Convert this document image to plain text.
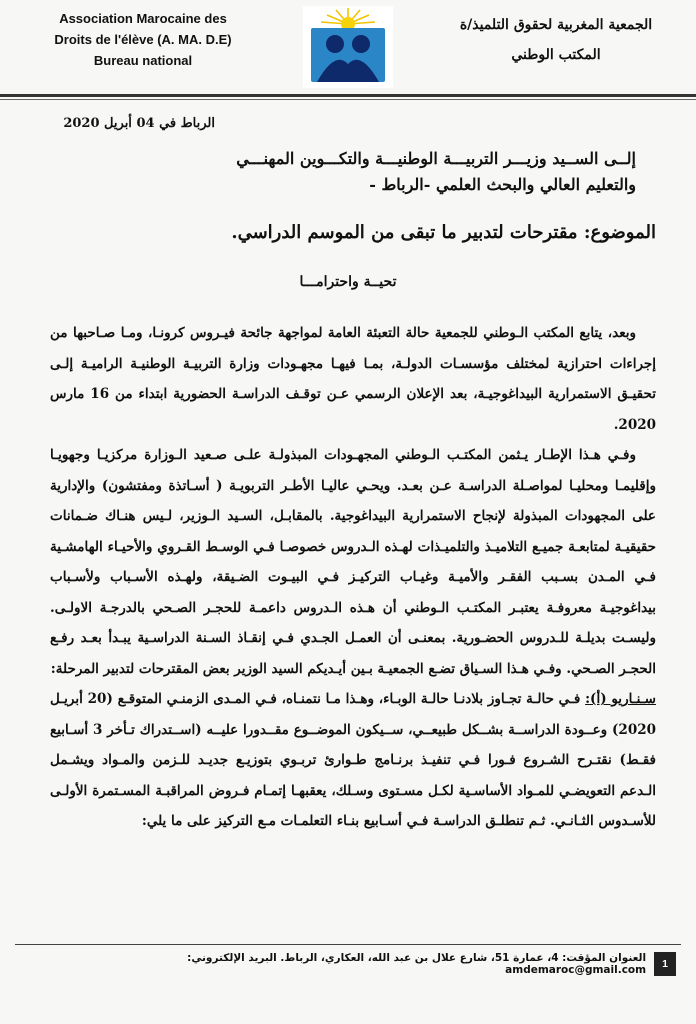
Association Marocaine des
Droits de l'élève (A. MA. D.E)
Bureau national
الجمعية المغربية لحقوق التلميذ/ة
المكتب الوطني
الرباط في 04 أبريل 2020
إلــى الســيد وزيـــر التربيـــة الوطنيـــة والتكـــوين المهنـــي
والتعليم العالي والبحث العلمي -الرباط -
الموضوع: مقترحات لتدبير ما تبقى من الموسم الدراسي.
تحيــة واحترامـــا

وبعد، يتابع المكتب الـوطني للجمعية حالة التعبئة العامة لمواجهة جائحة فيـروس كرونـا، ومـا صـاحبها من إجراءات احترازية لمختلف مؤسسـات الدولـة، بمـا فيهـا مجهـودات وزارة التربيـة الوطنيـة الراميـة إلـى تحقيـق الاستمرارية البيداغوجيـة، بعد الإعلان الرسمي عـن توقـف الدراسـة الحضورية ابتداء من 16 مارس 2020.

وفـي هـذا الإطـار يـثمن المكتـب الـوطني المجهـودات المبذولـة علـى صـعيد الـوزارة مركزيـا وجهويـا وإقليمـا ومحليـا لمواصـلة الدراسـة عـن بعـد. ويحـي عاليـا الأطـر التربويـة ( أسـاتذة ومفتشون) والإدارية على المجهودات المبذولة لإنجاح الاستمرارية البيداغوجية. بالمقابـل، السـيد الـوزير، لـيس هنـاك ضـمانات حقيقيـة لمتابعـة جميـع التلاميـذ والتلميـذات لهـذه الـدروس خصوصـا فـي الوسـط القـروي والأحيـاء الهامشـية فـي المـدن بسـبب الفقـر والأميـة وغيـاب التركيـز فـي البيـوت الضـيقة، ولهـذه الأسـباب ولأسـباب بيداغوجيـة معروفـة يعتبـر المكتـب الـوطني أن هـذه الـدروس داعمـة للحجـر الصـحي بالدرجـة الاولـى. وليسـت بديلـة للـدروس الحضـورية. بمعنـى أن العمـل الجـدي فـي إنقـاذ السـنة الدراسـية يبـدأ بعـد رفـع الحجـر الصـحي. وفـي هـذا السـياق تضـع الجمعيـة بـين أيـديكم السيد الوزير بعض المقترحات لتدبير المرحلة:

سـنـاريو (أ): فـي حالـة تجـاوز بلادنـا حالـة الوبـاء، وهـذا مـا نتمنـاه، فـي المـدى الزمنـي المتوقـع (20 أبريـل 2020) وعــودة الدراســة بشــكل طبيعــي، ســيكون الموضــوع مقــدورا عليــه (اســتدراك تـأخر 3 أسـابيع فقـط) نقتـرح الشـروع فـورا فـي تنفيـذ برنـامج طـوارئ تربـوي بتوزيـع جديـد للـزمن والمـواد ويشـمل الـدعم التعويضـي للمـواد الأساسـية لكـل مسـتوى وسـلك، يعقبهـا إتمـام فـروض المراقبـة المسـتمرة الأولـى للأسـدوس الثـانـي. ثـم تنطلـق الدراسـة فـي أسـابيع بنـاء التعلمـات مـع التركيز على ما يلي:

العنوان المؤقت: 4، عمارة 51، شارع علال بن عبد الله، العكاري، الرباط. البريد الإلكتروني: amdemaroc@gmail.com	1
